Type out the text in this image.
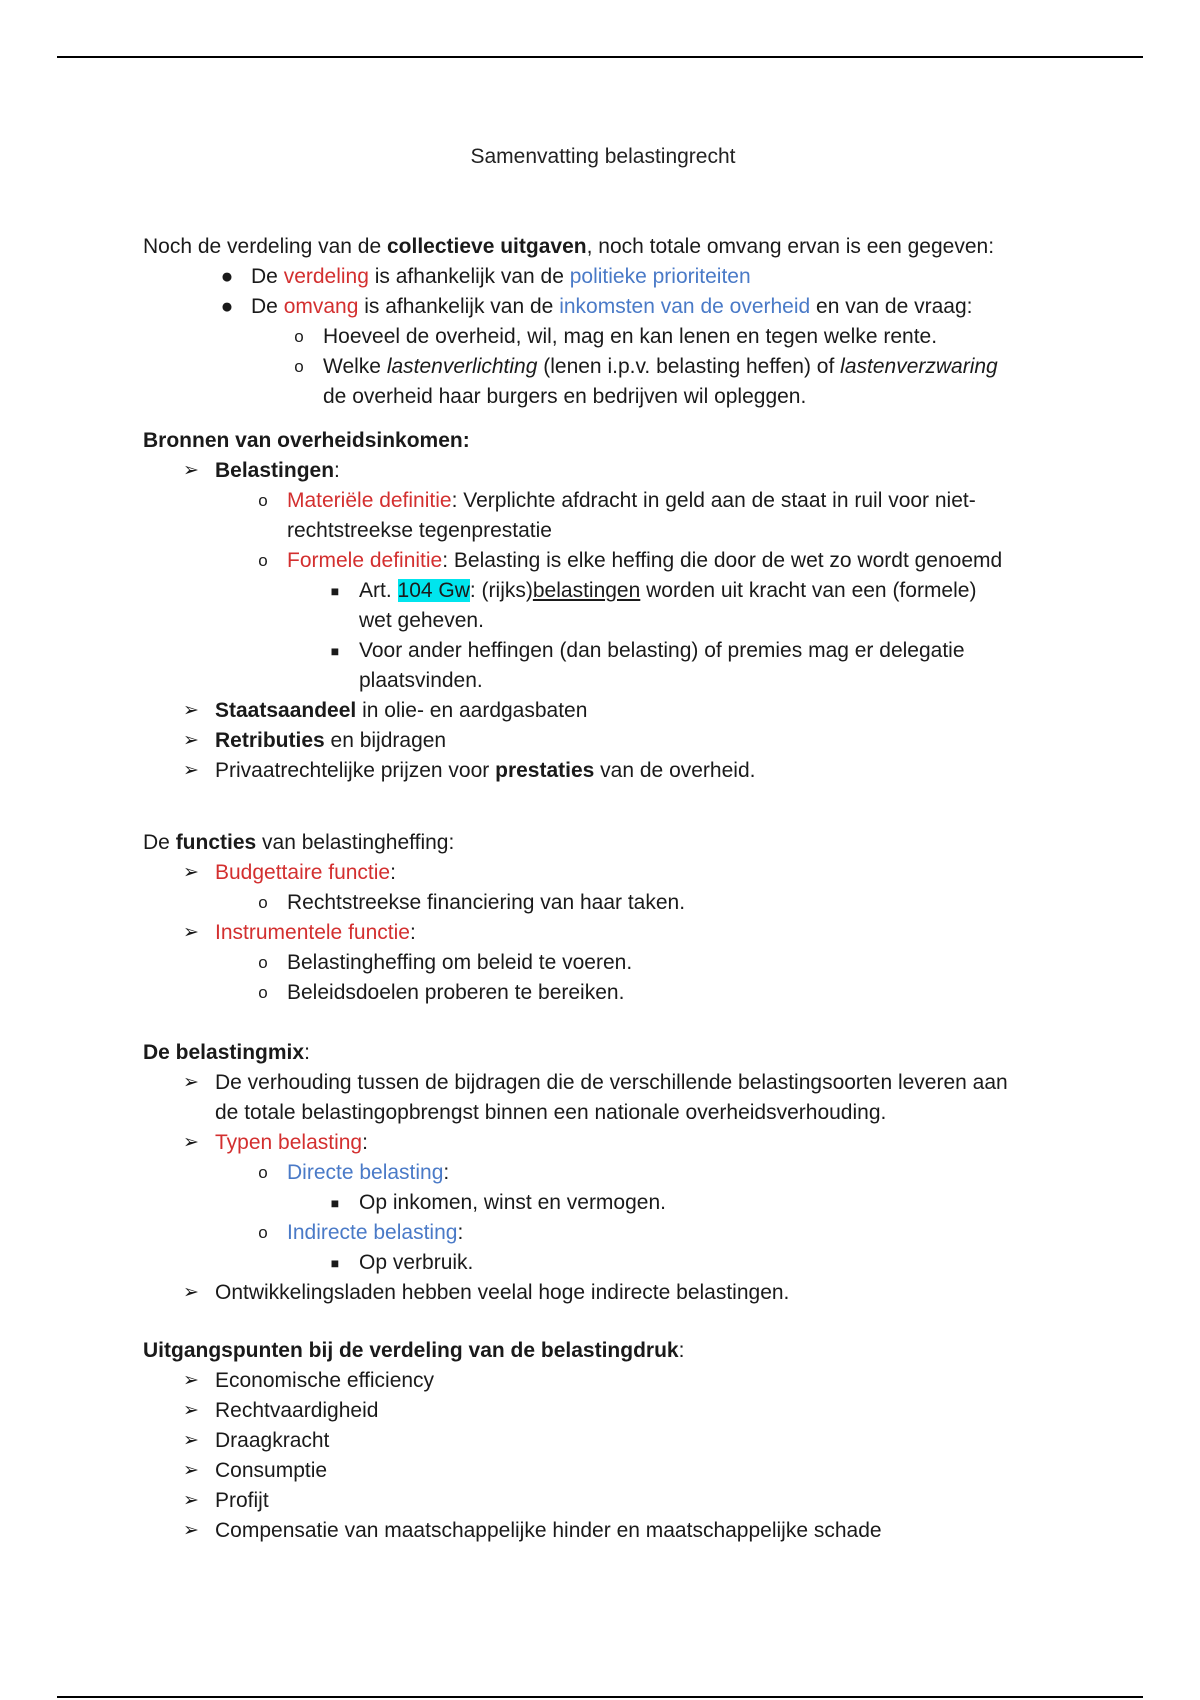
Samenvatting belastingrecht
Noch de verdeling van de collectieve uitgaven, noch totale omvang ervan is een gegeven:
● De verdeling is afhankelijk van de politieke prioriteiten
● De omvang is afhankelijk van de inkomsten van de overheid en van de vraag:
o Hoeveel de overheid, wil, mag en kan lenen en tegen welke rente.
o Welke lastenverlichting (lenen i.p.v. belasting heffen) of lastenverzwaring
de overheid haar burgers en bedrijven wil opleggen.
Bronnen van overheidsinkomen:
➢ Belastingen:
o Materiële definitie: Verplichte afdracht in geld aan de staat in ruil voor niet-
rechtstreekse tegenprestatie
o Formele definitie: Belasting is elke heffing die door de wet zo wordt genoemd
■ Art. 104 Gw: (rijks)belastingen worden uit kracht van een (formele)
wet geheven.
■ Voor ander heffingen (dan belasting) of premies mag er delegatie
plaatsvinden.
➢ Staatsaandeel in olie- en aardgasbaten
➢ Retributies en bijdragen
➢ Privaatrechtelijke prijzen voor prestaties van de overheid.
De functies van belastingheffing:
➢ Budgettaire functie:
o Rechtstreekse financiering van haar taken.
➢ Instrumentele functie:
o Belastingheffing om beleid te voeren.
o Beleidsdoelen proberen te bereiken.
De belastingmix:
➢ De verhouding tussen de bijdragen die de verschillende belastingsoorten leveren aan
de totale belastingopbrengst binnen een nationale overheidsverhouding.
➢ Typen belasting:
o Directe belasting:
■ Op inkomen, winst en vermogen.
o Indirecte belasting:
■ Op verbruik.
➢ Ontwikkelingsladen hebben veelal hoge indirecte belastingen.
Uitgangspunten bij de verdeling van de belastingdruk:
➢ Economische efficiency
➢ Rechtvaardigheid
➢ Draagkracht
➢ Consumptie
➢ Profijt
➢ Compensatie van maatschappelijke hinder en maatschappelijke schade
